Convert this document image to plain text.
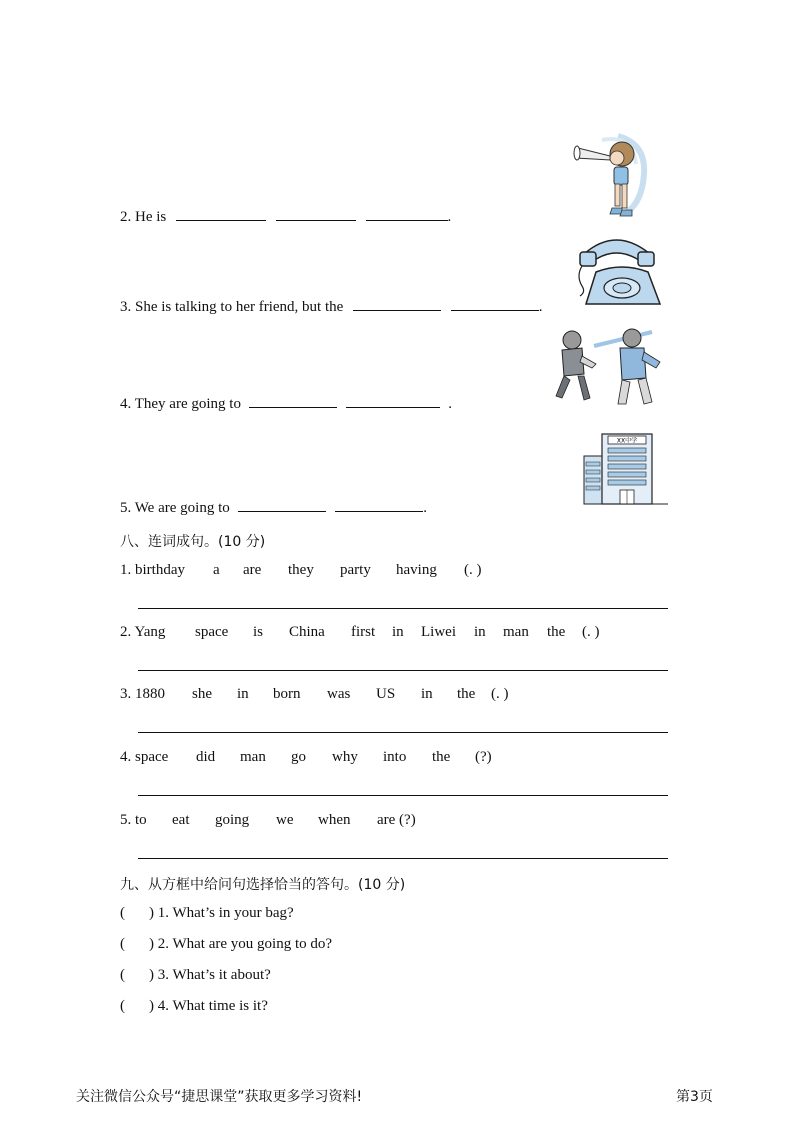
2. He is	.
3. She is talking to her friend, but the	.
4. They are going to	.
5. We are going to	.
XX中学
八、连词成句。(10 分)
1. birthday a are they party having (. )
2. Yang space is China first in Liwei in man the (. )
3. 1880 she in born was US in the (. )
4. space did man go why into the (?)
5. to eat going we when are (?)
九、从方框中给问句选择恰当的答句。(10 分)
( ) 1. What’s in your bag?
( ) 2. What are you going to do?
( ) 3. What’s it about?
( ) 4. What time is it?
关注微信公众号“捷思课堂”获取更多学习资料!	第3页
